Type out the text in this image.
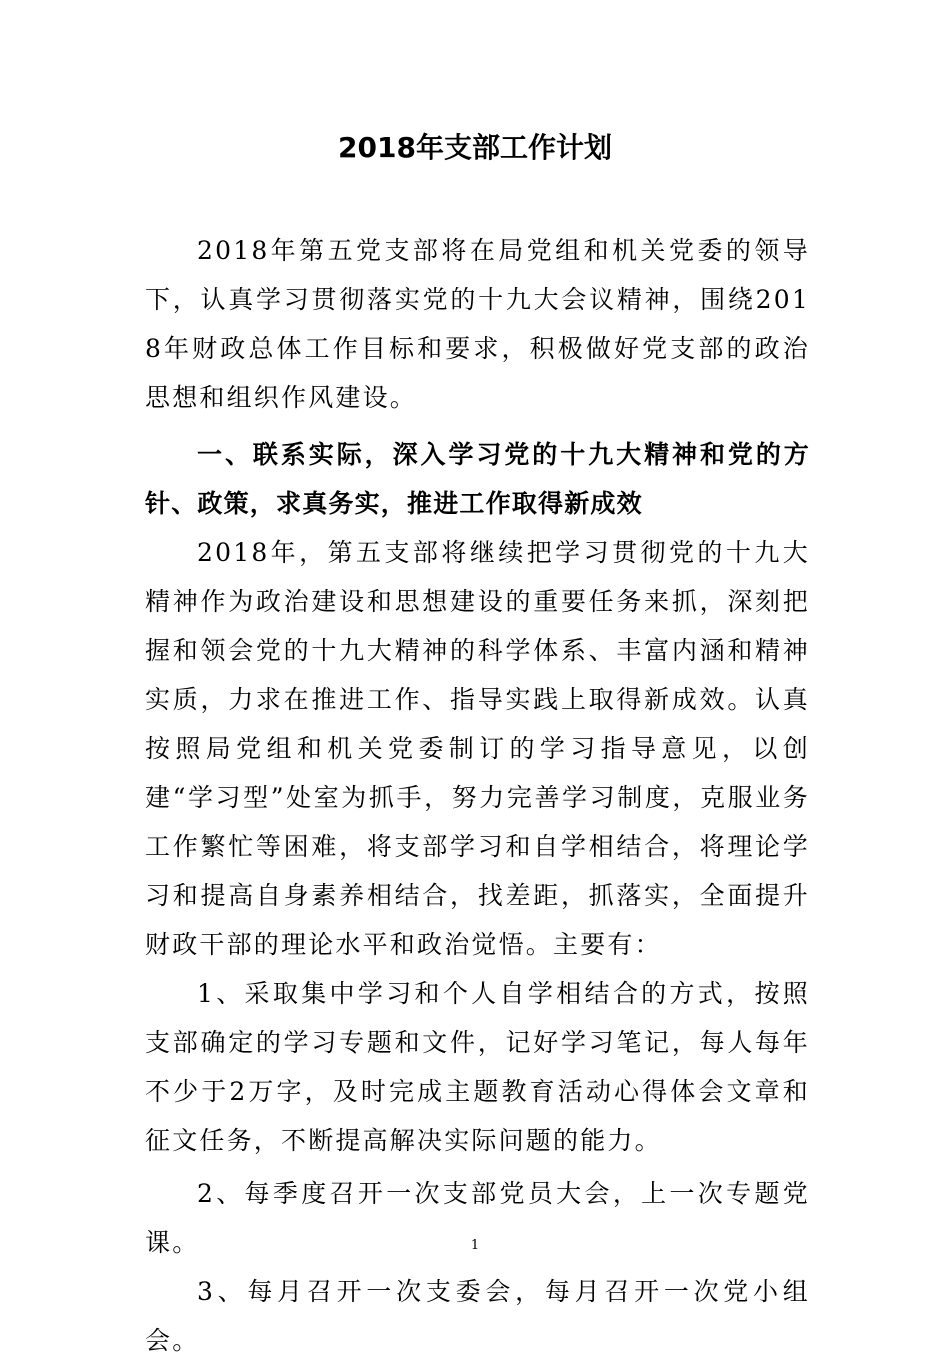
2018年支部工作计划

2018年第五党支部将在局党组和机关党委的领导下，认真学习贯彻落实党的十九大会议精神，围绕2018年财政总体工作目标和要求，积极做好党支部的政治思想和组织作风建设。

一、联系实际，深入学习党的十九大精神和党的方针、政策，求真务实，推进工作取得新成效

2018年，第五支部将继续把学习贯彻党的十九大精神作为政治建设和思想建设的重要任务来抓，深刻把握和领会党的十九大精神的科学体系、丰富内涵和精神实质，力求在推进工作、指导实践上取得新成效。认真按照局党组和机关党委制订的学习指导意见，以创建“学习型”处室为抓手，努力完善学习制度，克服业务工作繁忙等困难，将支部学习和自学相结合，将理论学习和提高自身素养相结合，找差距，抓落实，全面提升财政干部的理论水平和政治觉悟。主要有：

1、采取集中学习和个人自学相结合的方式，按照支部确定的学习专题和文件，记好学习笔记，每人每年不少于2万字，及时完成主题教育活动心得体会文章和征文任务，不断提高解决实际问题的能力。

2、每季度召开一次支部党员大会，上一次专题党课。

3、每月召开一次支委会，每月召开一次党小组会。

1
